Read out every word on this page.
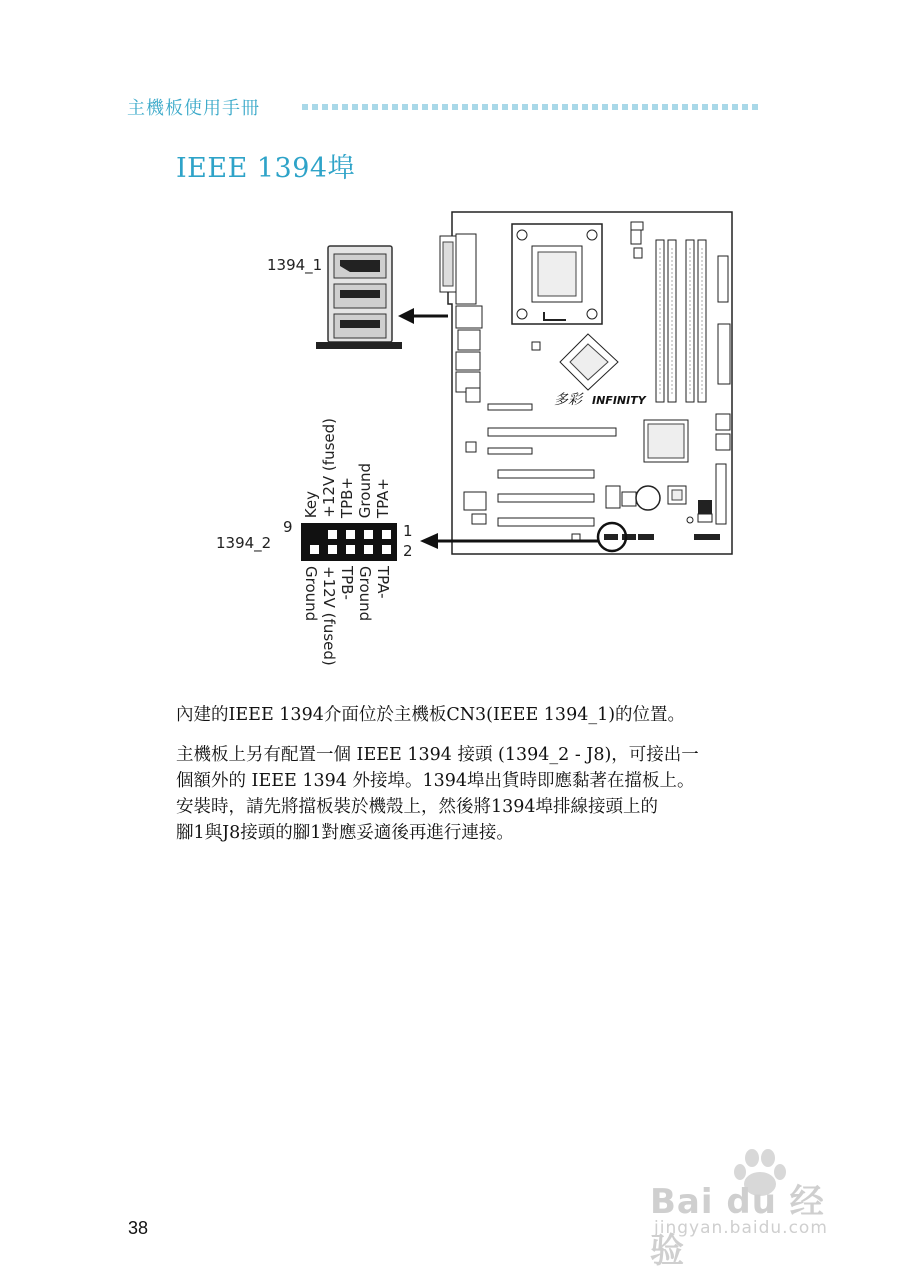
主機板使用手冊
IEEE 1394埠
1394_1
多彩 INFINITY
1394_2
9	1
2
Key +12V (fused) TPB+ Ground TPA+
Ground +12V (fused) TPB- Ground TPA-
內建的IEEE 1394介面位於主機板CN3(IEEE 1394_1)的位置。
主機板上另有配置一個 IEEE 1394 接頭 (1394_2 - J8)，可接出一
個額外的 IEEE 1394 外接埠。1394埠出貨時即應黏著在擋板上。
安裝時，請先將擋板裝於機殼上，然後將1394埠排線接頭上的
腳1與J8接頭的腳1對應妥適後再進行連接。
38
Bai du 经验
jingyan.baidu.com
